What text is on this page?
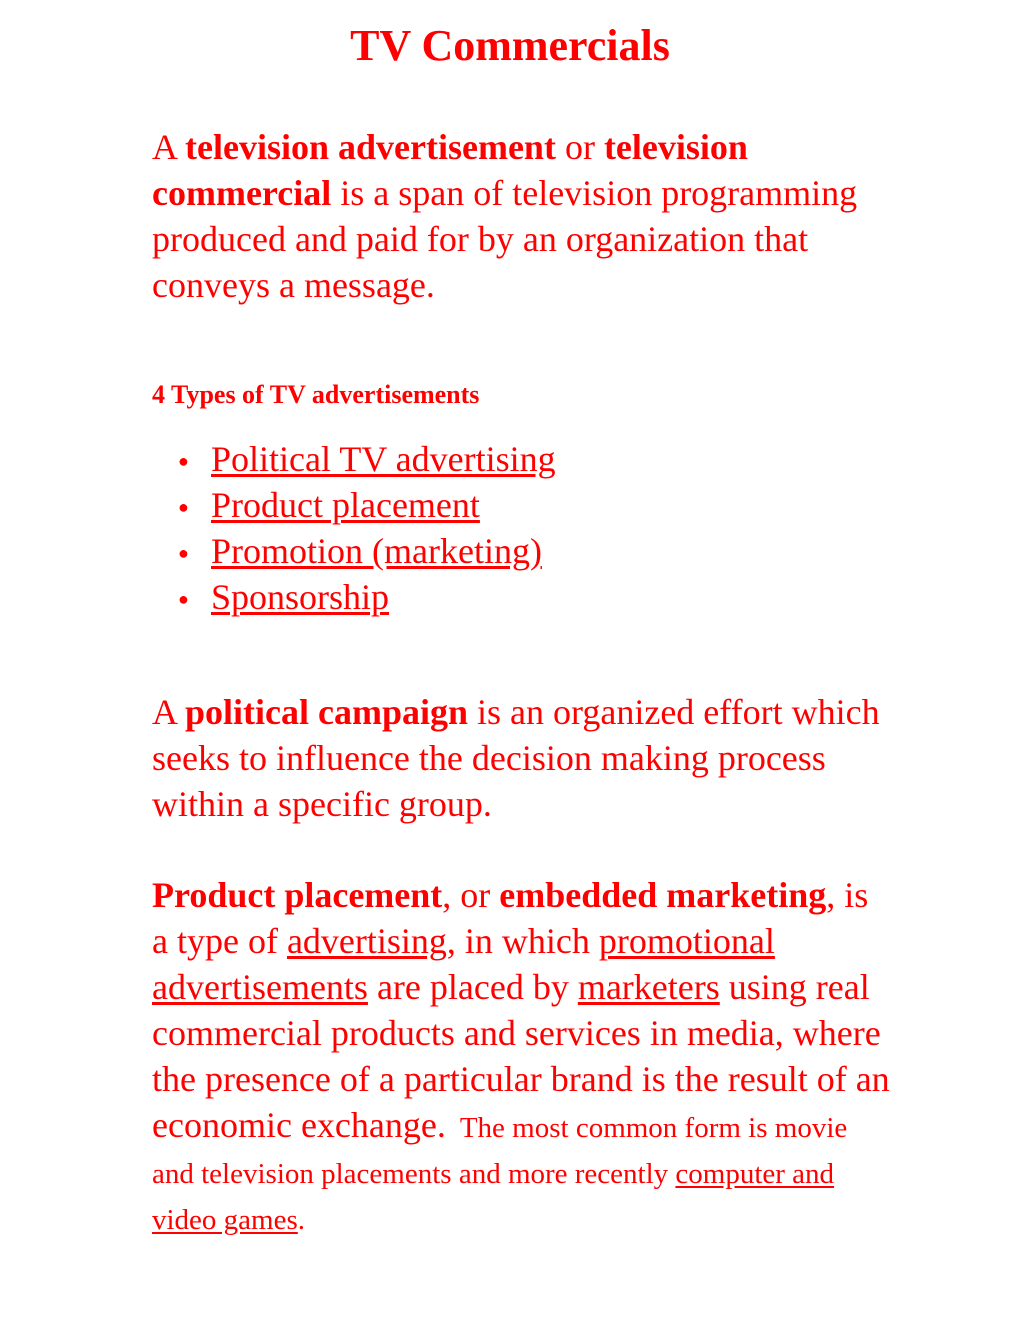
TV Commercials

A television advertisement or television commercial is a span of television programming produced and paid for by an organization that conveys a message.

4 Types of TV advertisements
● Political TV advertising
● Product placement
● Promotion (marketing)
● Sponsorship

A political campaign is an organized effort which seeks to influence the decision making process within a specific group.

Product placement, or embedded marketing, is a type of advertising, in which promotional advertisements are placed by marketers using real commercial products and services in media, where the presence of a particular brand is the result of an economic exchange.  The most common form is movie and television placements and more recently computer and video games.
